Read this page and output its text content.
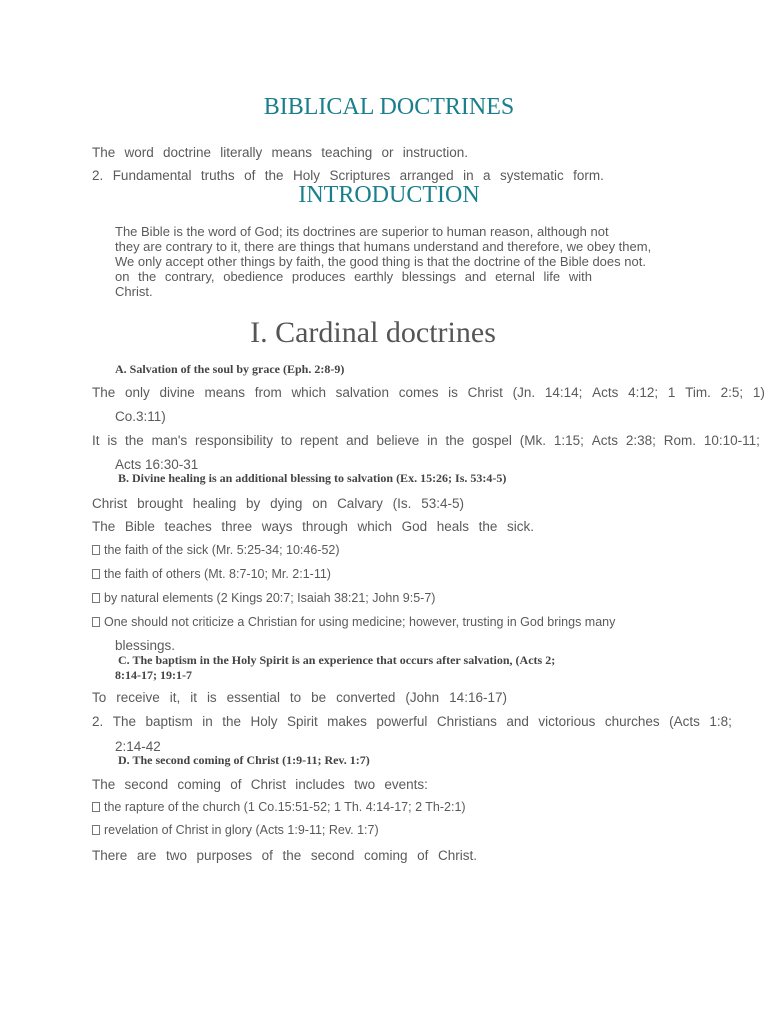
BIBLICAL DOCTRINES
The word doctrine literally means teaching or instruction.
2. Fundamental truths of the Holy Scriptures arranged in a systematic form.
INTRODUCTION
The Bible is the word of God; its doctrines are superior to human reason, although not
they are contrary to it, there are things that humans understand and therefore, we obey them,
We only accept other things by faith, the good thing is that the doctrine of the Bible does not.
on the contrary, obedience produces earthly blessings and eternal life with
Christ.
I. Cardinal doctrines
A. Salvation of the soul by grace (Eph. 2:8-9)
The only divine means from which salvation comes is Christ (Jn. 14:14; Acts 4:12; 1 Tim. 2:5; 1)
Co.3:11)
It is the man's responsibility to repent and believe in the gospel (Mk. 1:15; Acts 2:38; Rom. 10:10-11;
Acts 16:30-31
B. Divine healing is an additional blessing to salvation (Ex. 15:26; Is. 53:4-5)
Christ brought healing by dying on Calvary (Is. 53:4-5)
The Bible teaches three ways through which God heals the sick.
the faith of the sick (Mr. 5:25-34; 10:46-52)
the faith of others (Mt. 8:7-10; Mr. 2:1-11)
by natural elements (2 Kings 20:7; Isaiah 38:21; John 9:5-7)
One should not criticize a Christian for using medicine; however, trusting in God brings many
blessings.
C. The baptism in the Holy Spirit is an experience that occurs after salvation, (Acts 2;
8:14-17; 19:1-7
To receive it, it is essential to be converted (John 14:16-17)
2. The baptism in the Holy Spirit makes powerful Christians and victorious churches (Acts 1:8;
2:14-42
D. The second coming of Christ (1:9-11; Rev. 1:7)
The second coming of Christ includes two events:
the rapture of the church (1 Co.15:51-52; 1 Th. 4:14-17; 2 Th-2:1)
revelation of Christ in glory (Acts 1:9-11; Rev. 1:7)
There are two purposes of the second coming of Christ.
